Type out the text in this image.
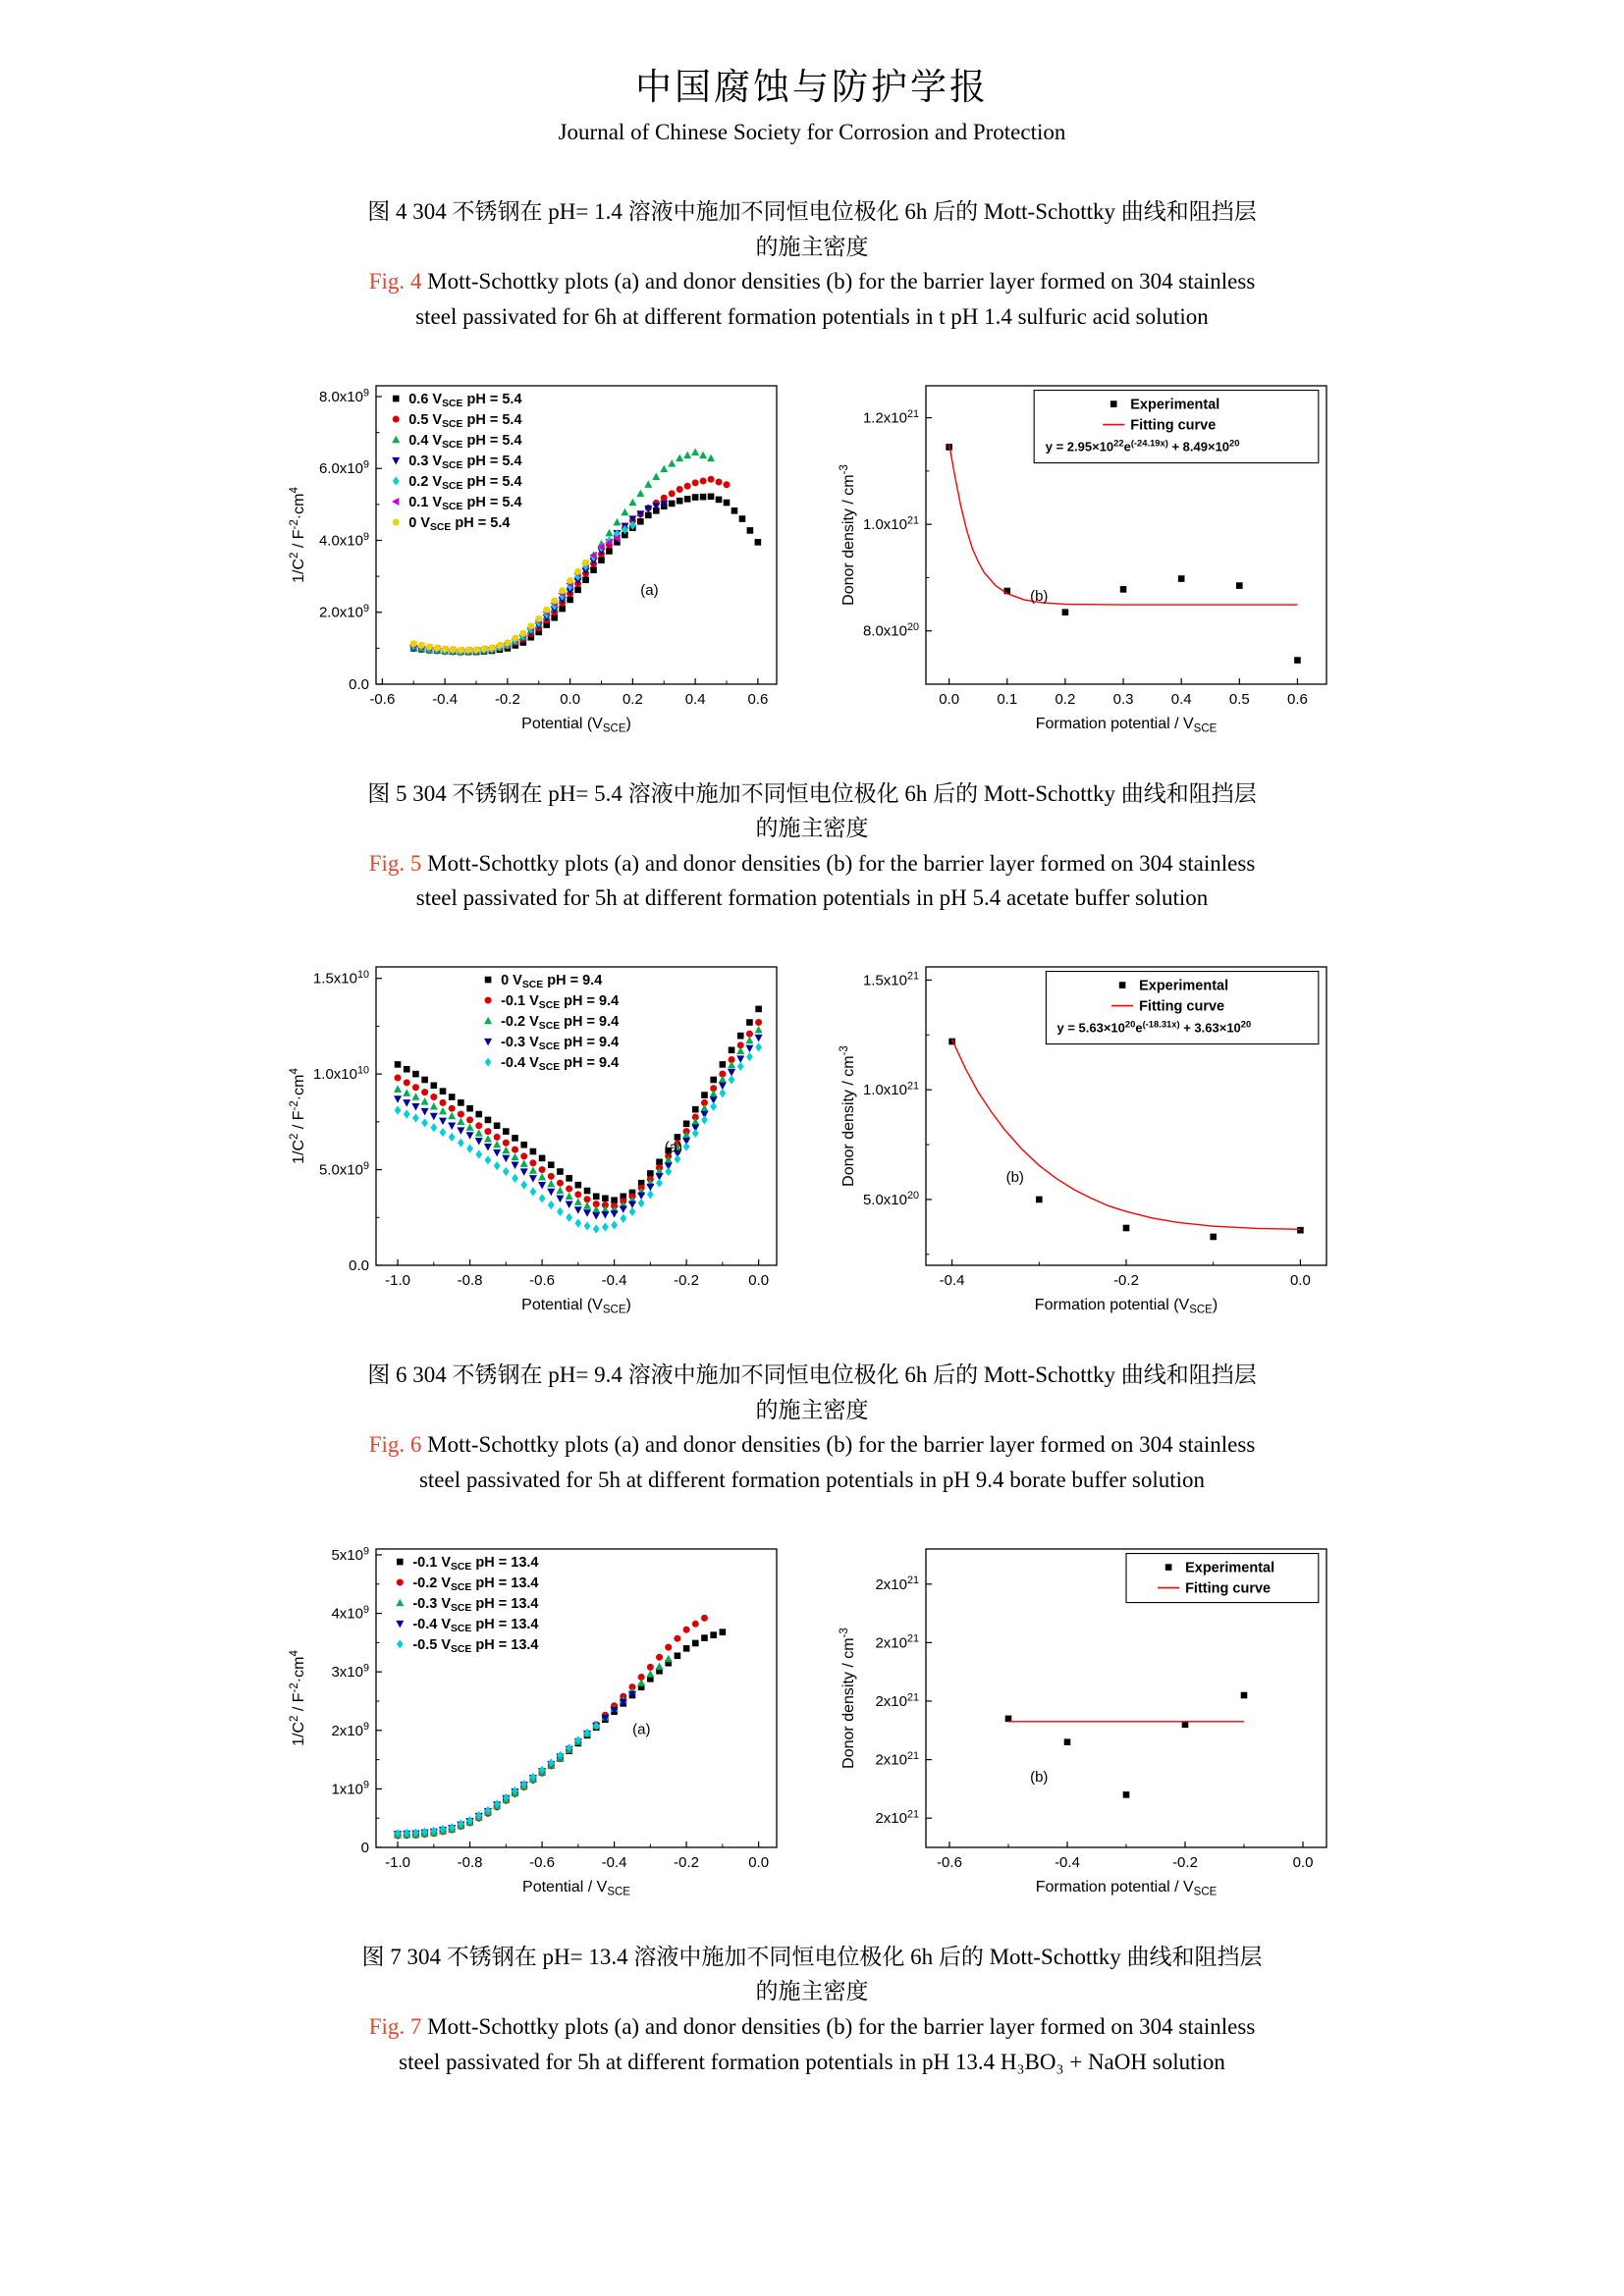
中国腐蚀与防护学报
Journal of Chinese Society for Corrosion and Protection

图 4 304 不锈钢在 pH= 1.4 溶液中施加不同恒电位极化 6h 后的 Mott-Schottky 曲线和阻挡层

的施主密度

Fig. 4 Mott-Schottky plots (a) and donor densities (b) for the barrier layer formed on 304 stainless

steel passivated for 6h at different formation potentials in t pH 1.4 sulfuric acid solution

-0.6	-0.4	-0.2	0.0	0.2	0.4	0.6
0.0
$2.0x10^9$
$4.0x10^9$
$6.0x10^9$
$8.0x10^9$
Potential $(V_{SCE})$
$1/C^2 / F^{-2}\cdot cm^4$
0.6 $V_{SCE}$ pH = 5.4
0.5 $V_{SCE}$ pH = 5.4
0.4 $V_{SCE}$ pH = 5.4
0.3 $V_{SCE}$ pH = 5.4
0.2 $V_{SCE}$ pH = 5.4
0.1 $V_{SCE}$ pH = 5.4
0 $V_{SCE}$ pH = 5.4
(a)
0.0	0.1	0.2	0.3	0.4	0.5	0.6
$8.0x10^{20}$
$1.0x10^{21}$
$1.2x10^{21}$
Formation potential / $V_{SCE}$
Donor density / $cm^{-3}$
Experimental
Fitting curve
$y = 2.95\times 10^{22}e^{(-24.19x)} + 8.49\times 10^{20}$
(b)

图 5 304 不锈钢在 pH= 5.4 溶液中施加不同恒电位极化 6h 后的 Mott-Schottky 曲线和阻挡层

的施主密度

Fig. 5 Mott-Schottky plots (a) and donor densities (b) for the barrier layer formed on 304 stainless

steel passivated for 5h at different formation potentials in pH 5.4 acetate buffer solution

-1.0	-0.8	-0.6	-0.4	-0.2	0.0
0.0
$5.0x10^9$
$1.0x10^{10}$
$1.5x10^{10}$
Potential $(V_{SCE})$
$1/C^2 / F^{-2}\cdot cm^4$
0 $V_{SCE}$ pH = 9.4
-0.1 $V_{SCE}$ pH = 9.4
-0.2 $V_{SCE}$ pH = 9.4
-0.3 $V_{SCE}$ pH = 9.4
-0.4 $V_{SCE}$ pH = 9.4
(a)
-0.4	-0.2	0.0
$5.0x10^{20}$
$1.0x10^{21}$
$1.5x10^{21}$
Formation potential $(V_{SCE})$
Donor density / $cm^{-3}$
Experimental
Fitting curve
$y = 5.63\times 10^{20}e^{(-18.31x)} + 3.63\times 10^{20}$
(b)

图 6 304 不锈钢在 pH= 9.4 溶液中施加不同恒电位极化 6h 后的 Mott-Schottky 曲线和阻挡层

的施主密度

Fig. 6 Mott-Schottky plots (a) and donor densities (b) for the barrier layer formed on 304 stainless

steel passivated for 5h at different formation potentials in pH 9.4 borate buffer solution

-1.0	-0.8	-0.6	-0.4	-0.2	0.0
0
$1x10^9$
$2x10^9$
$3x10^9$
$4x10^9$
$5x10^9$
Potential / $V_{SCE}$
$1/C^2 / F^{-2}\cdot cm^4$
-0.1 $V_{SCE}$ pH = 13.4
-0.2 $V_{SCE}$ pH = 13.4
-0.3 $V_{SCE}$ pH = 13.4
-0.4 $V_{SCE}$ pH = 13.4
-0.5 $V_{SCE}$ pH = 13.4
(a)
-0.6	-0.4	-0.2	0.0
$2x10^{21}$
$2x10^{21}$
$2x10^{21}$
$2x10^{21}$
$2x10^{21}$
Formation potential / $V_{SCE}$
Donor density / $cm^{-3}$
Experimental
Fitting curve
(b)

图 7 304 不锈钢在 pH= 13.4 溶液中施加不同恒电位极化 6h 后的 Mott-Schottky 曲线和阻挡层

的施主密度

Fig. 7 Mott-Schottky plots (a) and donor densities (b) for the barrier layer formed on 304 stainless

steel passivated for 5h at different formation potentials in pH 13.4 H₃BO₃ + NaOH solution
